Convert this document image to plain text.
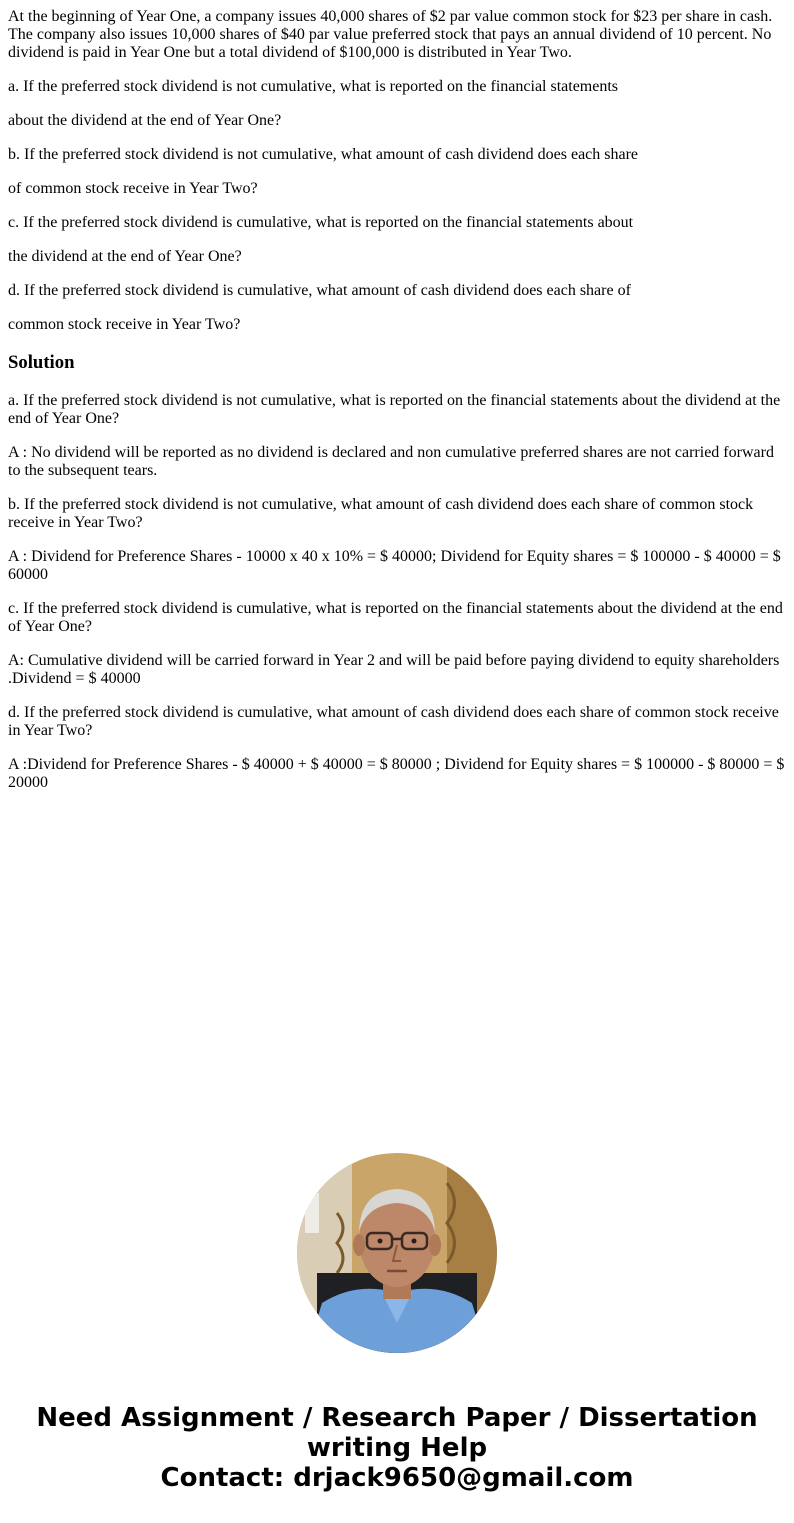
At the beginning of Year One, a company issues 40,000 shares of $2 par value common stock for $23 per share in cash. The company also issues 10,000 shares of $40 par value preferred stock that pays an annual dividend of 10 percent. No dividend is paid in Year One but a total dividend of $100,000 is distributed in Year Two.

a. If the preferred stock dividend is not cumulative, what is reported on the financial statements

about the dividend at the end of Year One?

b. If the preferred stock dividend is not cumulative, what amount of cash dividend does each share

of common stock receive in Year Two?

c. If the preferred stock dividend is cumulative, what is reported on the financial statements about

the dividend at the end of Year One?

d. If the preferred stock dividend is cumulative, what amount of cash dividend does each share of

common stock receive in Year Two?

Solution

a. If the preferred stock dividend is not cumulative, what is reported on the financial statements about the dividend at the end of Year One?

A : No dividend will be reported as no dividend is declared and non cumulative preferred shares are not carried forward to the subsequent tears.

b. If the preferred stock dividend is not cumulative, what amount of cash dividend does each share of common stock receive in Year Two?

A : Dividend for Preference Shares - 10000 x 40 x 10% = $ 40000; Dividend for Equity shares = $ 100000 - $ 40000 = $ 60000

c. If the preferred stock dividend is cumulative, what is reported on the financial statements about the dividend at the end of Year One?

A: Cumulative dividend will be carried forward in Year 2 and will be paid before paying dividend to equity shareholders .Dividend = $ 40000

d. If the preferred stock dividend is cumulative, what amount of cash dividend does each share of common stock receive in Year Two?

A :Dividend for Preference Shares - $ 40000 + $ 40000 = $ 80000 ; Dividend for Equity shares = $ 100000 - $ 80000 = $ 20000

Need Assignment / Research Paper / Dissertation
writing Help
Contact: drjack9650@gmail.com
